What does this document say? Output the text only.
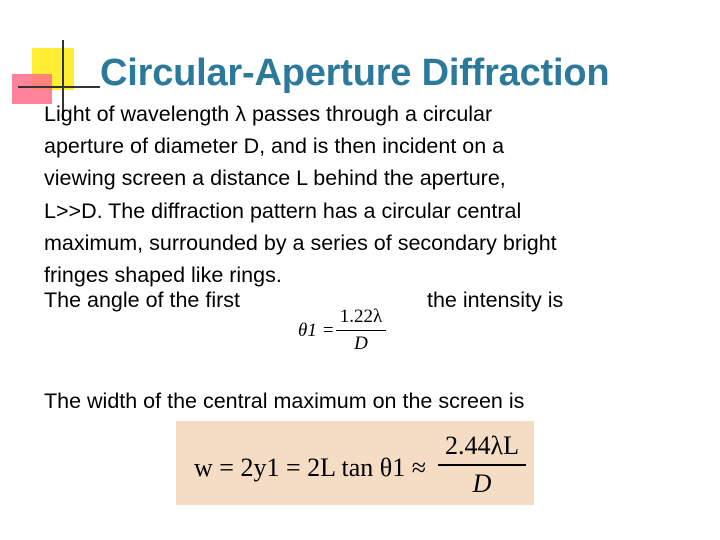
Circular-Aperture Diffraction
Light of wavelength λ passes through a circular
aperture of diameter D, and is then incident on a
viewing screen a distance L behind the aperture,
L>>D. The diffraction pattern has a circular central
maximum, surrounded by a series of secondary bright
fringes shaped like rings.
The angle of the first	the intensity is
θ1 =
1.22λ
D
The width of the central maximum on the screen is
w = 2y1 = 2L tan θ1 ≈
2.44λL
D
